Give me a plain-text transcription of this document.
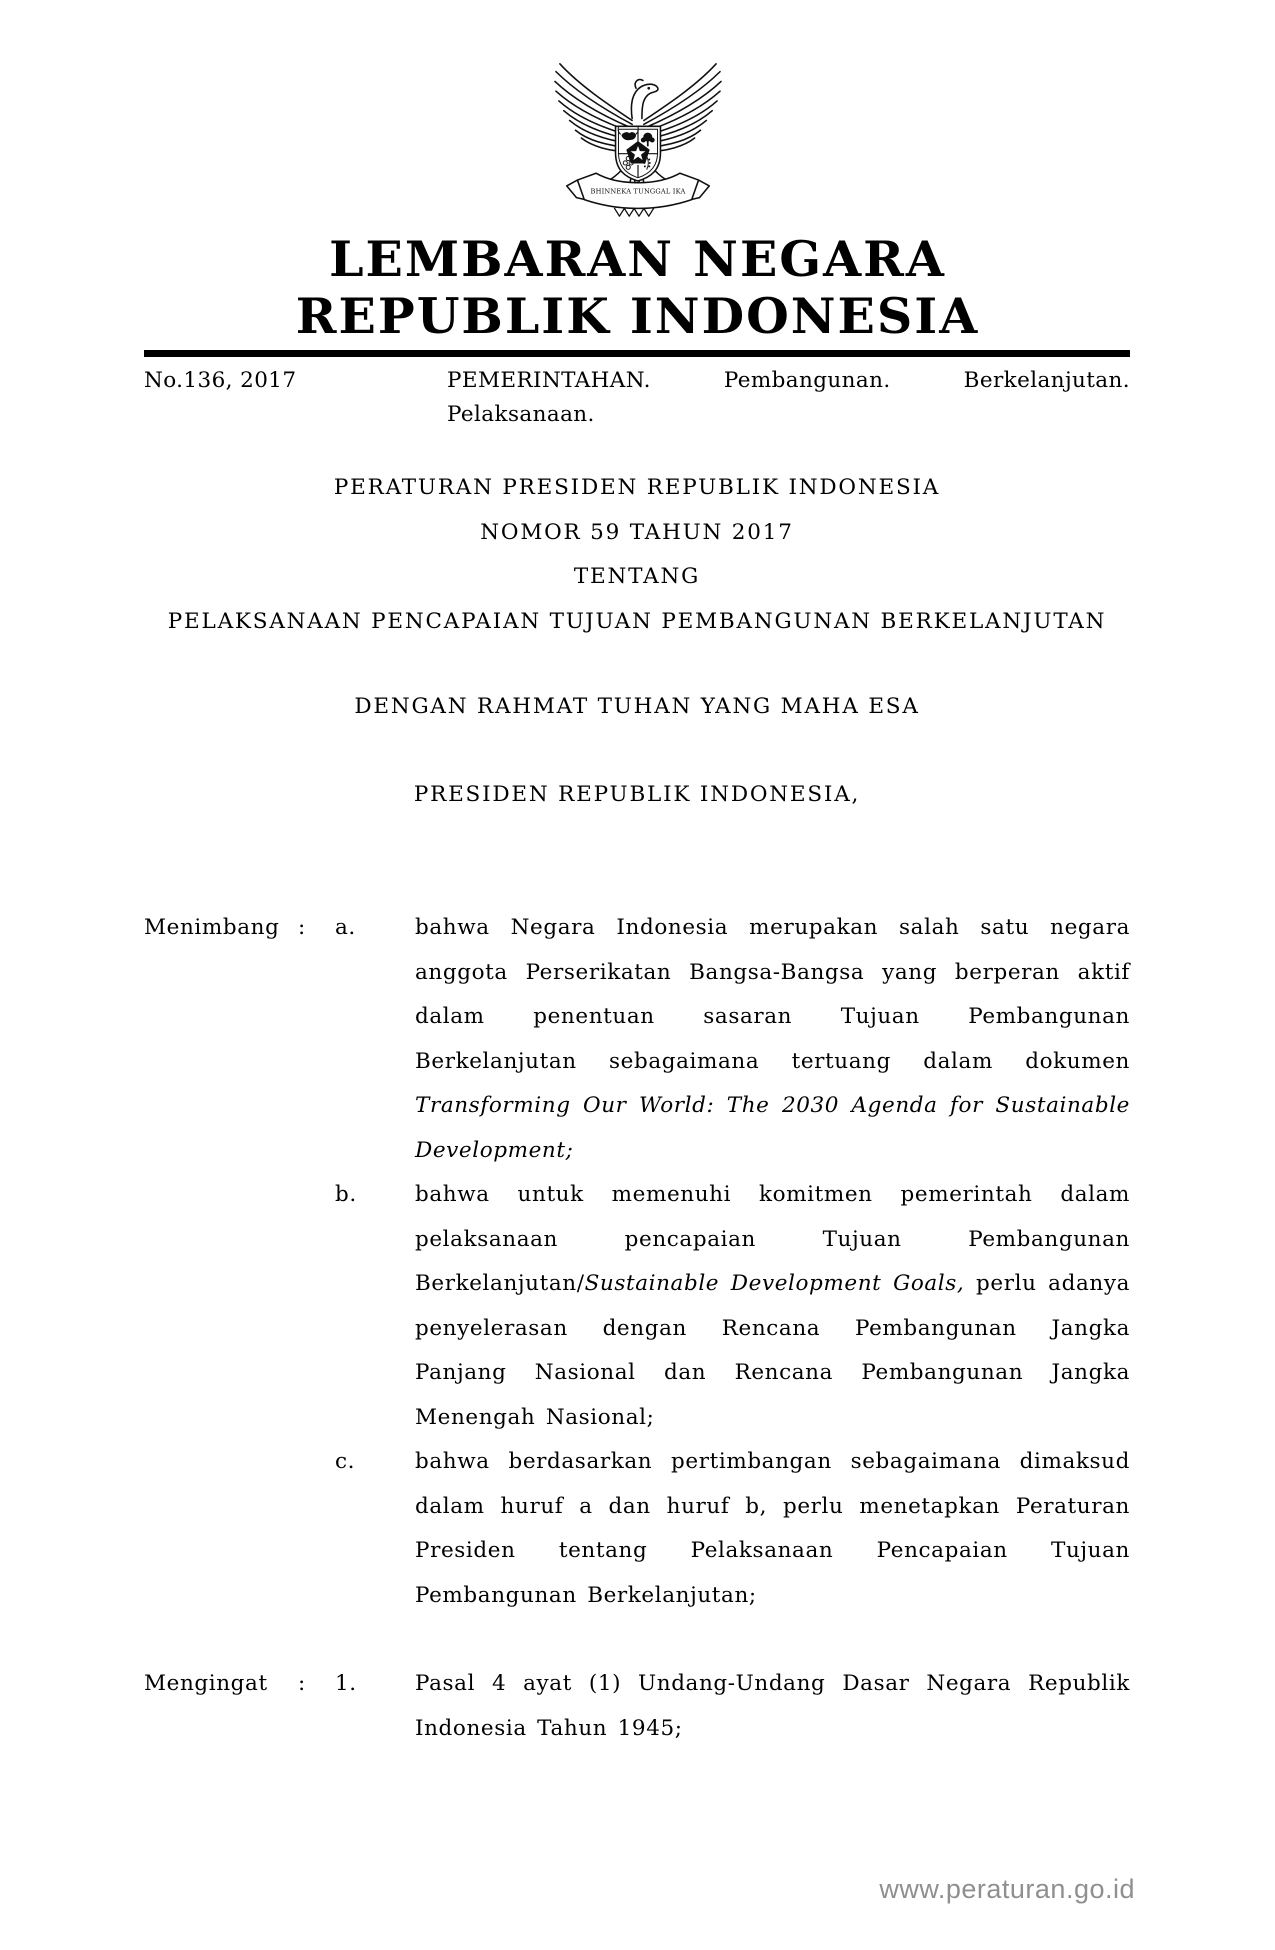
BHINNEKA TUNGGAL IKA
LEMBARAN NEGARA
REPUBLIK INDONESIA
No.136, 2017	PEMERINTAHAN. Pembangunan. Berkelanjutan.
Pelaksanaan.
PERATURAN PRESIDEN REPUBLIK INDONESIA
NOMOR 59 TAHUN 2017
TENTANG
PELAKSANAAN PENCAPAIAN TUJUAN PEMBANGUNAN BERKELANJUTAN
DENGAN RAHMAT TUHAN YANG MAHA ESA
PRESIDEN REPUBLIK INDONESIA,
Menimbang :	a.	bahwa Negara Indonesia merupakan salah satu negara anggota Perserikatan Bangsa-Bangsa yang berperan aktif dalam penentuan sasaran Tujuan Pembangunan Berkelanjutan sebagaimana tertuang dalam dokumen Transforming Our World: The 2030 Agenda for Sustainable Development;
b.	bahwa untuk memenuhi komitmen pemerintah dalam pelaksanaan pencapaian Tujuan Pembangunan Berkelanjutan/Sustainable Development Goals, perlu adanya penyelerasan dengan Rencana Pembangunan Jangka Panjang Nasional dan Rencana Pembangunan Jangka Menengah Nasional;
c.	bahwa berdasarkan pertimbangan sebagaimana dimaksud dalam huruf a dan huruf b, perlu menetapkan Peraturan Presiden tentang Pelaksanaan Pencapaian Tujuan Pembangunan Berkelanjutan;
Mengingat	:	1.	Pasal 4 ayat (1) Undang-Undang Dasar Negara Republik Indonesia Tahun 1945;
www.peraturan.go.id
